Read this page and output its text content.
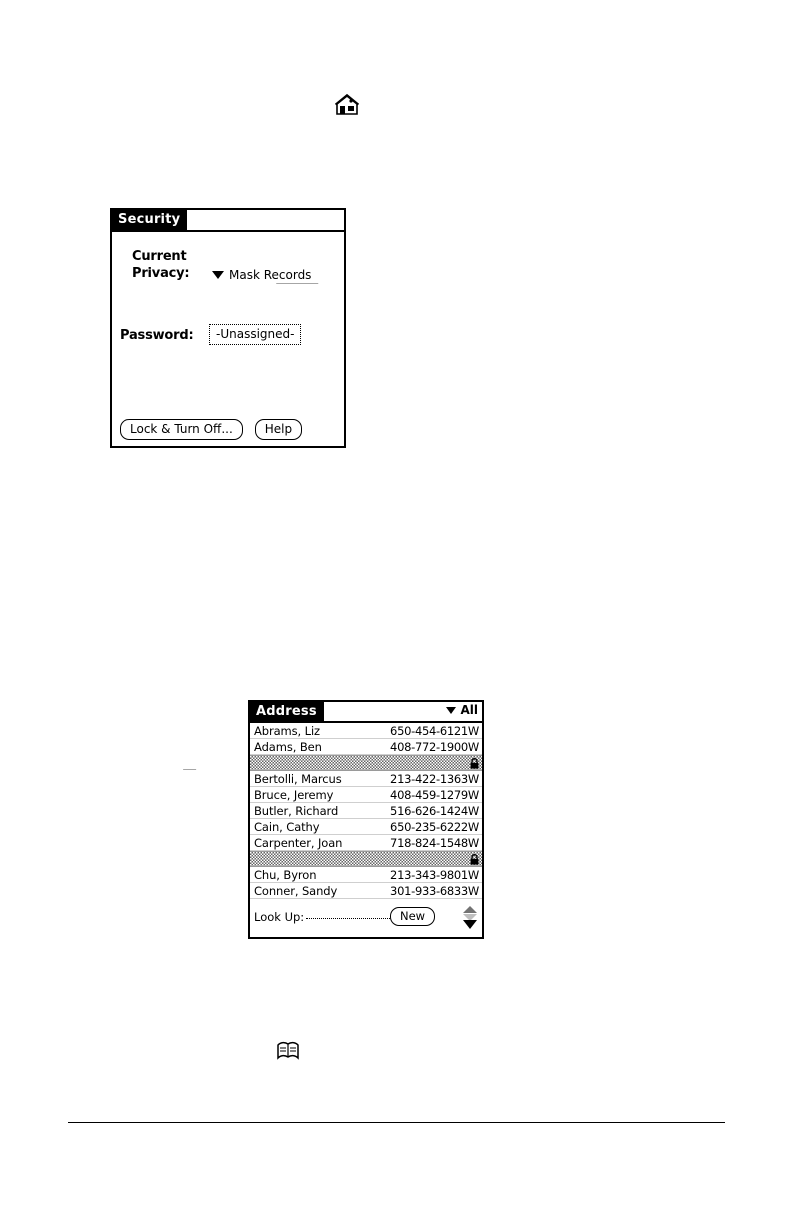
Security
Current
Privacy:	Mask Records
Password:	-Unassigned-
Lock & Turn Off...	Help
Address	All
Abrams, Liz	650-454-6121W
Adams, Ben	408-772-1900W
Bertolli, Marcus	213-422-1363W
Bruce, Jeremy	408-459-1279W
Butler, Richard	516-626-1424W
Cain, Cathy	650-235-6222W
Carpenter, Joan	718-824-1548W
Chu, Byron	213-343-9801W
Conner, Sandy	301-933-6833W
Look Up:	New
